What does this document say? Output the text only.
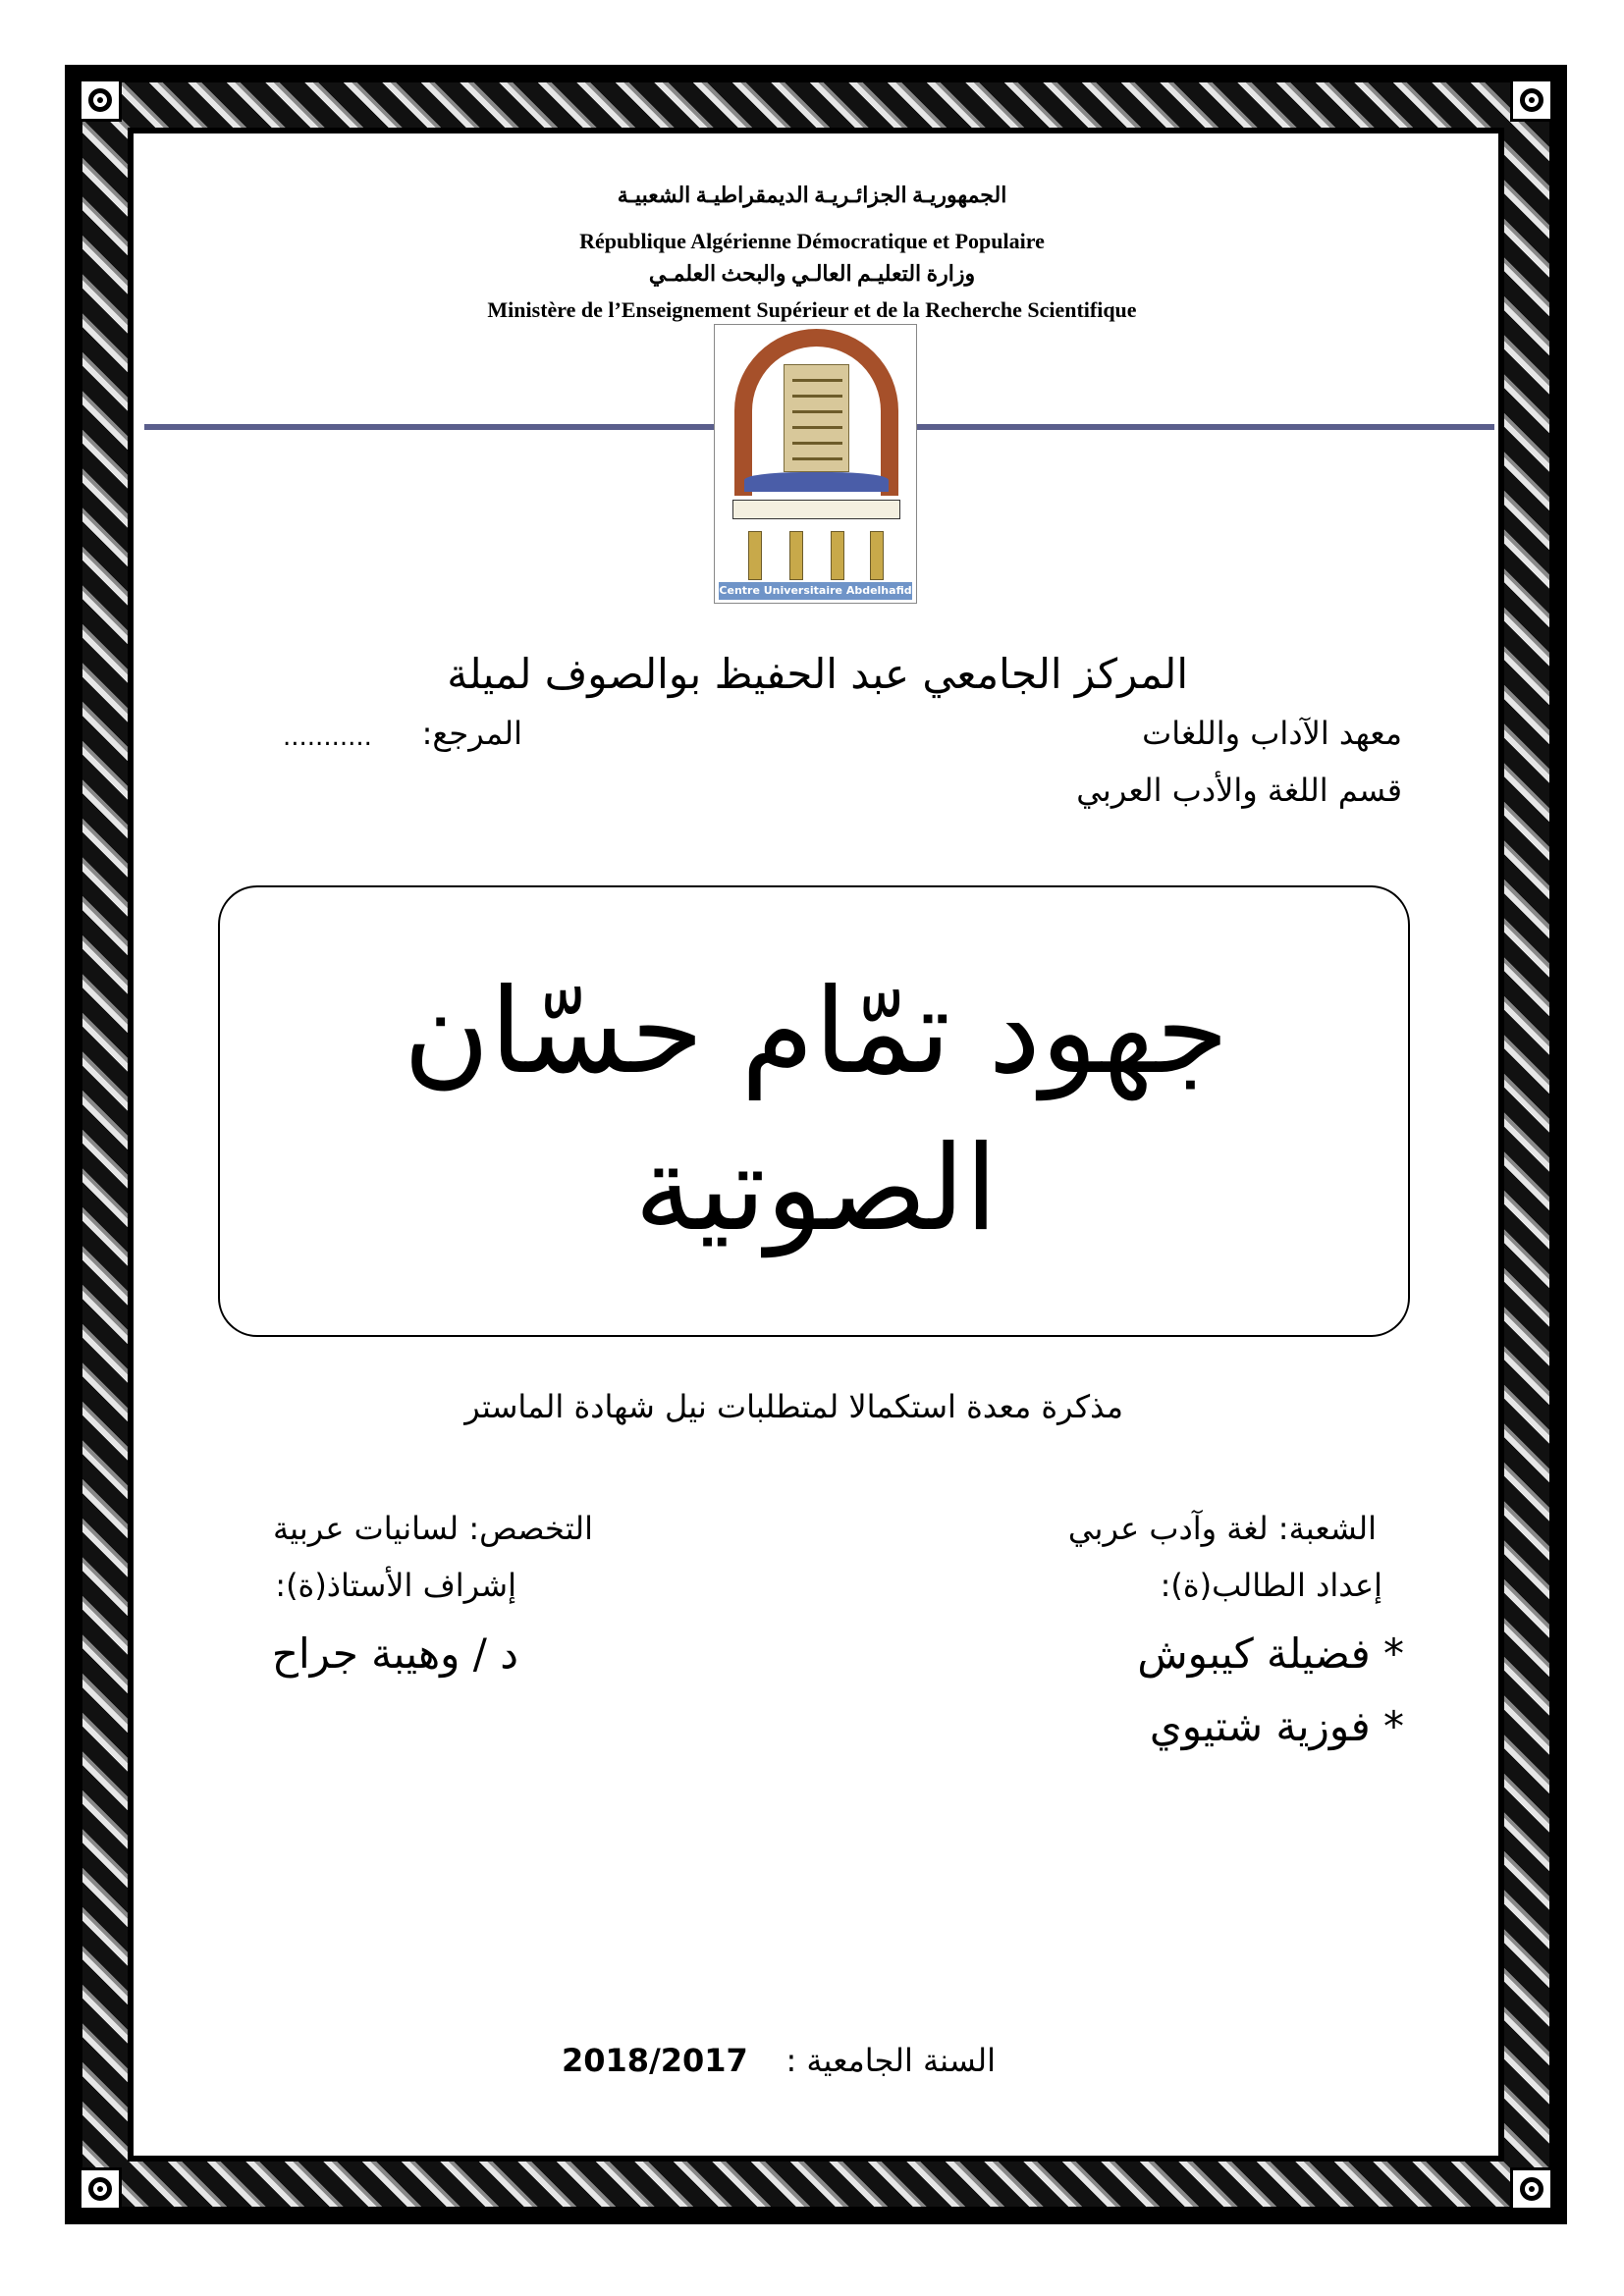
الجمهوريـة الجزائـريـة الديمقراطيـة الشعبيـة
République Algérienne Démocratique et Populaire
وزارة التعليـم العالـي والبحث العلمـي
Ministère de l’Enseignement Supérieur et de la Recherche Scientifique
Centre Universitaire Abdelhafid Boussouf Mila
المركز الجامعي عبد الحفيظ بوالصوف لميلة
معهد الآداب واللغات
المرجع:
...........
قسم اللغة والأدب العربي
جهود تمّام حسّان
الصوتية
مذكرة معدة استكمالا لمتطلبات نيل شهادة الماستر
الشعبة: لغة وآدب عربي
التخصص: لسانيات عربية
إعداد الطالب(ة):
إشراف الأستاذ(ة):
* فضيلة كيبوش
د / وهيبة جراح
* فوزية شتيوي
السنة الجامعية :
2018/2017
